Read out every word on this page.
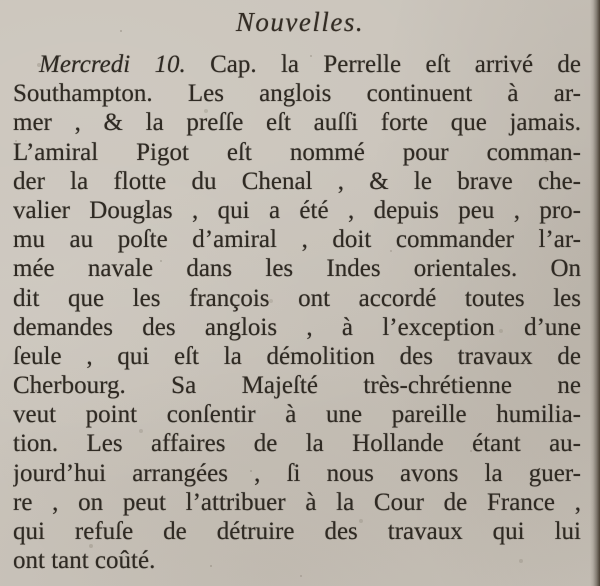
Nouvelles.
Mercredi 10. Cap. la Perrelle eſt arrivé de
Southampton. Les anglois continuent à ar-
mer , & la preſſe eſt auſſi forte que jamais.
L’amiral Pigot eſt nommé pour comman-
der la flotte du Chenal , & le brave che-
valier Douglas , qui a été , depuis peu , pro-
mu au poſte d’amiral , doit commander l’ar-
mée navale dans les Indes orientales. On
dit que les françois ont accordé toutes les
demandes des anglois , à l’exception d’une
ſeule , qui eſt la démolition des travaux de
Cherbourg. Sa Majeſté très-chrétienne ne
veut point conſentir à une pareille humilia-
tion. Les affaires de la Hollande étant au-
jourd’hui arrangées , ſi nous avons la guer-
re , on peut l’attribuer à la Cour de France ,
qui refuſe de détruire des travaux qui lui
ont tant coûté.
